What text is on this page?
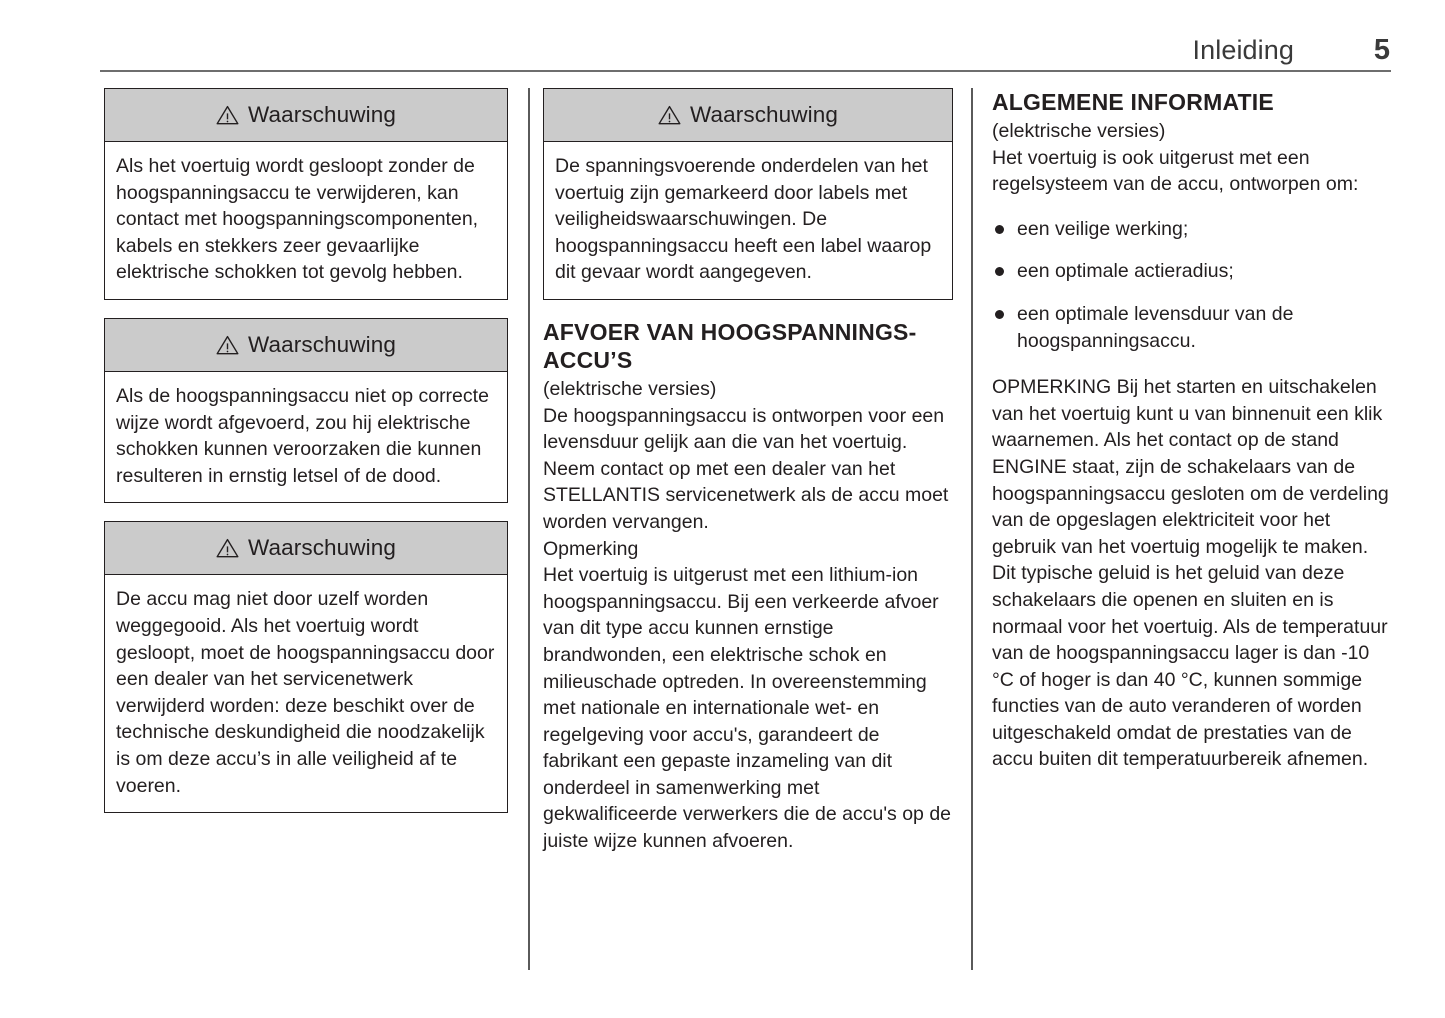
Inleiding	5
Waarschuwing
Als het voertuig wordt gesloopt zonder de hoogspanningsaccu te verwijderen, kan contact met hoogspanningscomponenten, kabels en stekkers zeer gevaarlijke elektrische schokken tot gevolg hebben.
Waarschuwing
Als de hoogspanningsaccu niet op correcte wijze wordt afgevoerd, zou hij elektrische schokken kunnen veroorzaken die kunnen resulteren in ernstig letsel of de dood.
Waarschuwing
De accu mag niet door uzelf worden weggegooid. Als het voertuig wordt gesloopt, moet de hoogspanningsaccu door een dealer van het servicenetwerk verwijderd worden: deze beschikt over de technische deskundigheid die noodzakelijk is om deze accu’s in alle veiligheid af te voeren.
Waarschuwing
De spanningsvoerende onderdelen van het voertuig zijn gemarkeerd door labels met veiligheidswaarschuwingen. De hoogspanningsaccu heeft een label waarop dit gevaar wordt aangegeven.
AFVOER VAN HOOGSPANNINGS-ACCU’S

(elektrische versies)

De hoogspanningsaccu is ontworpen voor een levensduur gelijk aan die van het voertuig. Neem contact op met een dealer van het STELLANTIS servicenetwerk als de accu moet worden vervangen.

Opmerking

Het voertuig is uitgerust met een lithium-ion hoogspanningsaccu. Bij een verkeerde afvoer van dit type accu kunnen ernstige brandwonden, een elektrische schok en milieuschade optreden. In overeenstemming met nationale en internationale wet- en regelgeving voor accu's, garandeert de fabrikant een gepaste inzameling van dit onderdeel in samenwerking met gekwalificeerde verwerkers die de accu's op de juiste wijze kunnen afvoeren.

ALGEMENE INFORMATIE

(elektrische versies)

Het voertuig is ook uitgerust met een regelsysteem van de accu, ontworpen om:

een veilige werking;
een optimale actieradius;
een optimale levensduur van de hoogspanningsaccu.

OPMERKING Bij het starten en uitschakelen van het voertuig kunt u van binnenuit een klik waarnemen. Als het contact op de stand ENGINE staat, zijn de schakelaars van de hoogspanningsaccu gesloten om de verdeling van de opgeslagen elektriciteit voor het gebruik van het voertuig mogelijk te maken. Dit typische geluid is het geluid van deze schakelaars die openen en sluiten en is normaal voor het voertuig. Als de temperatuur van de hoogspanningsaccu lager is dan -10 °C of hoger is dan 40 °C, kunnen sommige functies van de auto veranderen of worden uitgeschakeld omdat de prestaties van de accu buiten dit temperatuurbereik afnemen.
